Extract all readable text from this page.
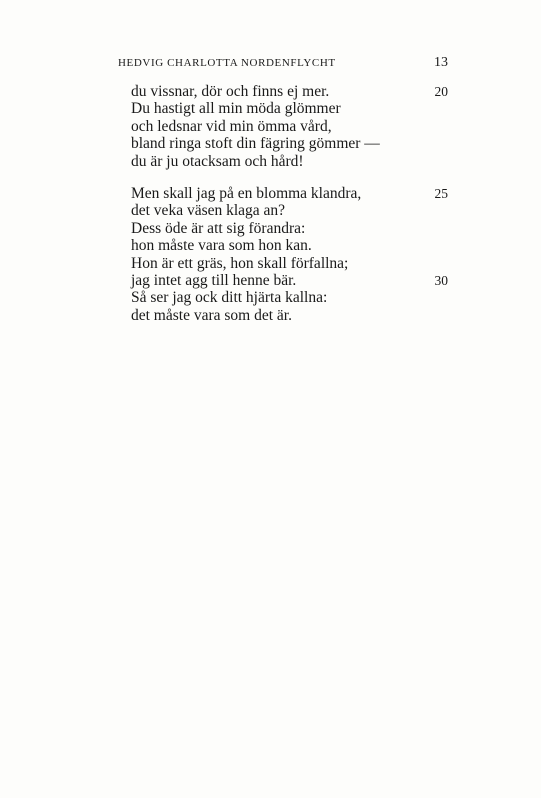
HEDVIG CHARLOTTA NORDENFLYCHT	13
du vissnar, dör och finns ej mer.	20
Du hastigt all min möda glömmer
och ledsnar vid min ömma vård,
bland ringa stoft din fägring gömmer —
du är ju otacksam och hård!
Men skall jag på en blomma klandra,	25
det veka väsen klaga an?
Dess öde är att sig förandra:
hon måste vara som hon kan.
Hon är ett gräs, hon skall förfallna;
jag intet agg till henne bär.	30
Så ser jag ock ditt hjärta kallna:
det måste vara som det är.
